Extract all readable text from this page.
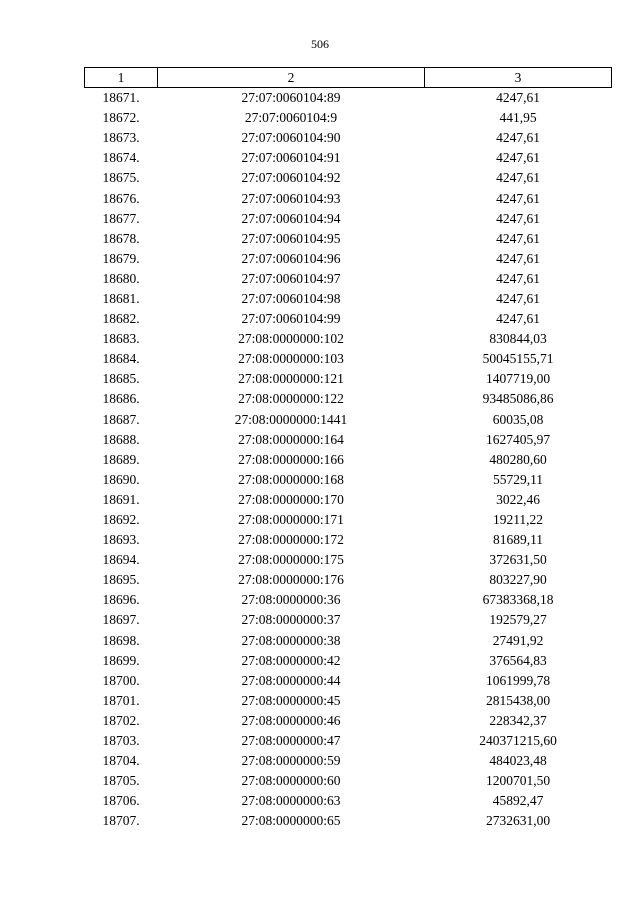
506
1	2	3
18671.	27:07:0060104:89	4247,61
18672.	27:07:0060104:9	441,95
18673.	27:07:0060104:90	4247,61
18674.	27:07:0060104:91	4247,61
18675.	27:07:0060104:92	4247,61
18676.	27:07:0060104:93	4247,61
18677.	27:07:0060104:94	4247,61
18678.	27:07:0060104:95	4247,61
18679.	27:07:0060104:96	4247,61
18680.	27:07:0060104:97	4247,61
18681.	27:07:0060104:98	4247,61
18682.	27:07:0060104:99	4247,61
18683.	27:08:0000000:102	830844,03
18684.	27:08:0000000:103	50045155,71
18685.	27:08:0000000:121	1407719,00
18686.	27:08:0000000:122	93485086,86
18687.	27:08:0000000:1441	60035,08
18688.	27:08:0000000:164	1627405,97
18689.	27:08:0000000:166	480280,60
18690.	27:08:0000000:168	55729,11
18691.	27:08:0000000:170	3022,46
18692.	27:08:0000000:171	19211,22
18693.	27:08:0000000:172	81689,11
18694.	27:08:0000000:175	372631,50
18695.	27:08:0000000:176	803227,90
18696.	27:08:0000000:36	67383368,18
18697.	27:08:0000000:37	192579,27
18698.	27:08:0000000:38	27491,92
18699.	27:08:0000000:42	376564,83
18700.	27:08:0000000:44	1061999,78
18701.	27:08:0000000:45	2815438,00
18702.	27:08:0000000:46	228342,37
18703.	27:08:0000000:47	240371215,60
18704.	27:08:0000000:59	484023,48
18705.	27:08:0000000:60	1200701,50
18706.	27:08:0000000:63	45892,47
18707.	27:08:0000000:65	2732631,00
